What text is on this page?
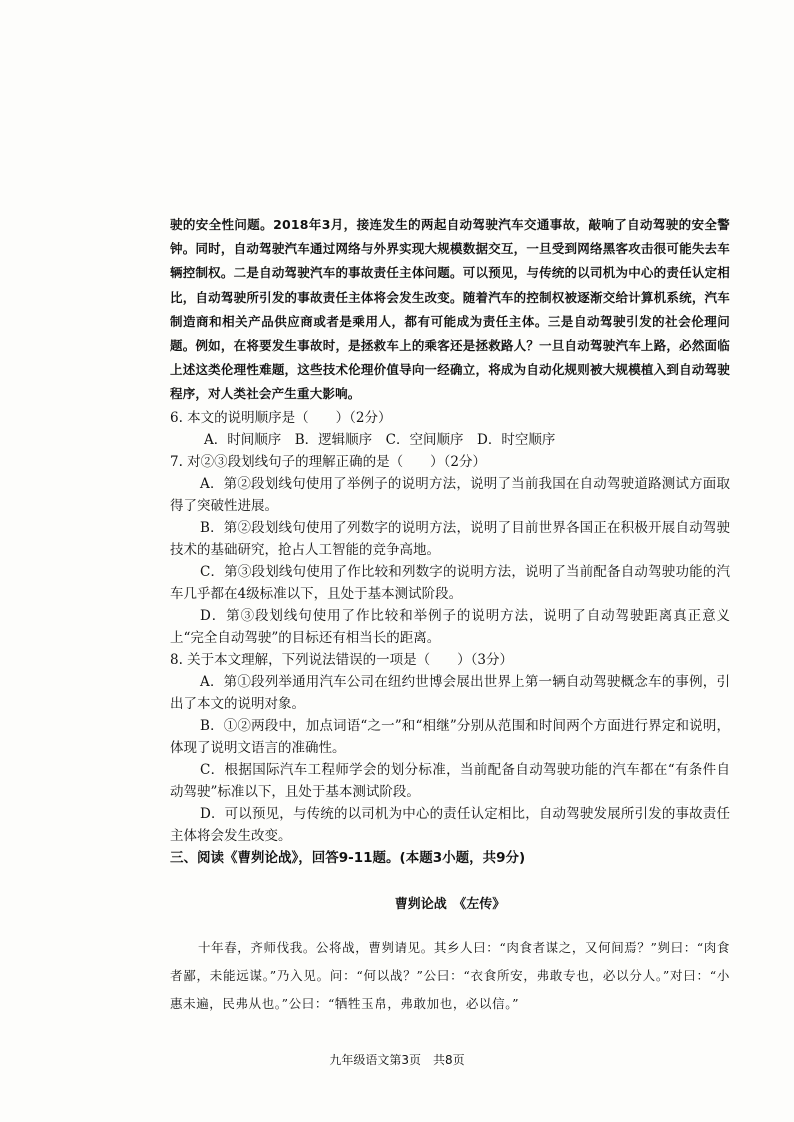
驶的安全性问题。2018年3月，接连发生的两起自动驾驶汽车交通事故，敲响了自动驾驶的安全警钟。同时，自动驾驶汽车通过网络与外界实现大规模数据交互，一旦受到网络黑客攻击很可能失去车辆控制权。二是自动驾驶汽车的事故责任主体问题。可以预见，与传统的以司机为中心的责任认定相比，自动驾驶所引发的事故责任主体将会发生改变。随着汽车的控制权被逐渐交给计算机系统，汽车制造商和相关产品供应商或者是乘用人，都有可能成为责任主体。三是自动驾驶引发的社会伦理问题。例如，在将要发生事故时，是拯救车上的乘客还是拯救路人？一旦自动驾驶汽车上路，必然面临上述这类伦理性难题，这些技术伦理价值导向一经确立，将成为自动化规则被大规模植入到自动驾驶程序，对人类社会产生重大影响。

6. 本文的说明顺序是（　　）（2分）

A．时间顺序　B．逻辑顺序　C．空间顺序　D．时空顺序

7. 对②③段划线句子的理解正确的是（　　）（2分）

A．第②段划线句使用了举例子的说明方法，说明了当前我国在自动驾驶道路测试方面取得了突破性进展。

B．第②段划线句使用了列数字的说明方法，说明了目前世界各国正在积极开展自动驾驶技术的基础研究，抢占人工智能的竞争高地。

C．第③段划线句使用了作比较和列数字的说明方法，说明了当前配备自动驾驶功能的汽车几乎都在4级标准以下，且处于基本测试阶段。

D．第③段划线句使用了作比较和举例子的说明方法，说明了自动驾驶距离真正意义上“完全自动驾驶”的目标还有相当长的距离。

8. 关于本文理解，下列说法错误的一项是（　　）（3分）

A．第①段列举通用汽车公司在纽约世博会展出世界上第一辆自动驾驶概念车的事例，引出了本文的说明对象。

B．①②两段中，加点词语“之一”和“相继”分别从范围和时间两个方面进行界定和说明，体现了说明文语言的准确性。

C．根据国际汽车工程师学会的划分标准，当前配备自动驾驶功能的汽车都在“有条件自动驾驶”标准以下，且处于基本测试阶段。

D．可以预见，与传统的以司机为中心的责任认定相比，自动驾驶发展所引发的事故责任主体将会发生改变。

三、阅读《曹刿论战》，回答9-11题。(本题3小题，共9分)

曹刿论战　《左传》

十年春，齐师伐我。公将战，曹刿请见。其乡人曰：“肉食者谋之，又何间焉？”刿曰：“肉食者鄙，未能远谋。”乃入见。问：“何以战？”公曰：“衣食所安，弗敢专也，必以分人。”对曰：“小惠未遍，民弗从也。”公曰：“牺牲玉帛，弗敢加也，必以信。”

九年级语文第3页　共8页
